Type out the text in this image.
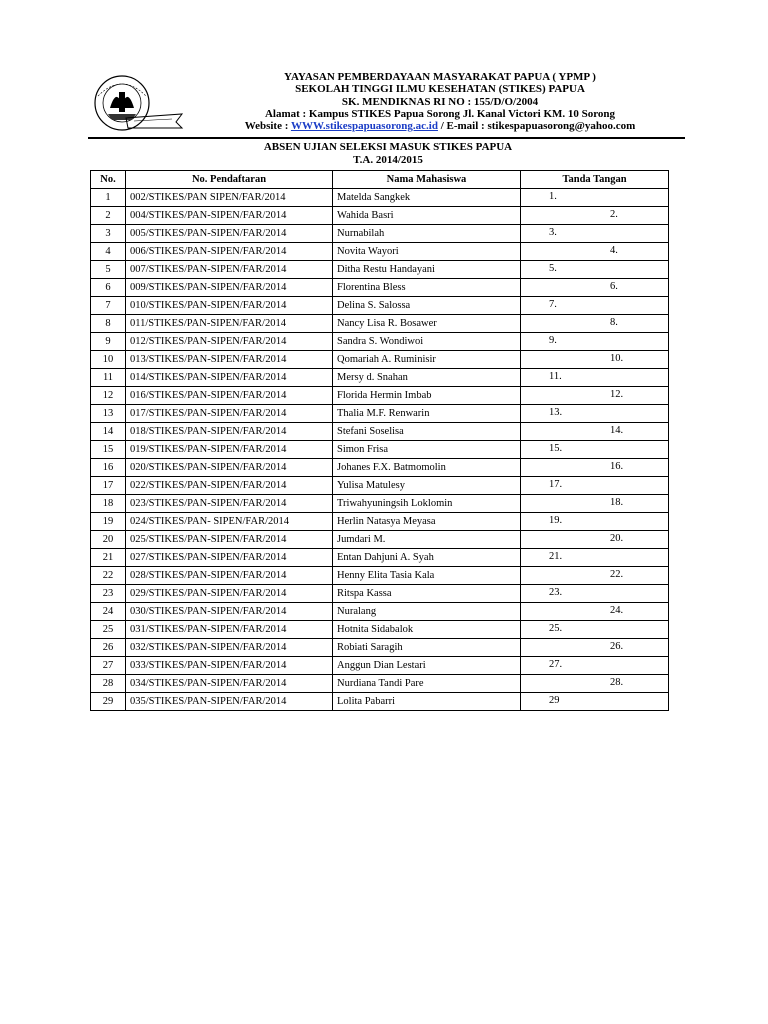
YAYASAN PEMBERDAYAAN MASYARAKAT PAPUA ( YPMP )
SEKOLAH TINGGI ILMU KESEHATAN (STIKES) PAPUA
SK. MENDIKNAS RI NO : 155/D/O/2004
Alamat : Kampus STIKES Papua Sorong Jl. Kanal Victori KM. 10 Sorong
Website : WWW.stikespapuasorong.ac.id / E-mail : stikespapuasorong@yahoo.com
ABSEN UJIAN SELEKSI MASUK STIKES PAPUA
T.A. 2014/2015
No.	No. Pendaftaran	Nama Mahasiswa	Tanda Tangan
1	002/STIKES/PAN SIPEN/FAR/2014	Matelda Sangkek	1.

2	004/STIKES/PAN-SIPEN/FAR/2014	Wahida Basri	2.

3	005/STIKES/PAN-SIPEN/FAR/2014	Nurnabilah	3.

4	006/STIKES/PAN-SIPEN/FAR/2014	Novita Wayori	4.

5	007/STIKES/PAN-SIPEN/FAR/2014	Ditha Restu Handayani	5.

6	009/STIKES/PAN-SIPEN/FAR/2014	Florentina Bless	6.

7	010/STIKES/PAN-SIPEN/FAR/2014	Delina S. Salossa	7.

8	011/STIKES/PAN-SIPEN/FAR/2014	Nancy Lisa R. Bosawer	8.

9	012/STIKES/PAN-SIPEN/FAR/2014	Sandra S. Wondiwoi	9.

10	013/STIKES/PAN-SIPEN/FAR/2014	Qomariah A. Ruminisir	10.

11	014/STIKES/PAN-SIPEN/FAR/2014	Mersy d. Snahan	11.

12	016/STIKES/PAN-SIPEN/FAR/2014	Florida Hermin Imbab	12.

13	017/STIKES/PAN-SIPEN/FAR/2014	Thalia M.F. Renwarin	13.

14	018/STIKES/PAN-SIPEN/FAR/2014	Stefani Soselisa	14.

15	019/STIKES/PAN-SIPEN/FAR/2014	Simon Frisa	15.

16	020/STIKES/PAN-SIPEN/FAR/2014	Johanes F.X. Batmomolin	16.

17	022/STIKES/PAN-SIPEN/FAR/2014	Yulisa Matulesy	17.

18	023/STIKES/PAN-SIPEN/FAR/2014	Triwahyuningsih Loklomin	18.

19	024/STIKES/PAN- SIPEN/FAR/2014	Herlin Natasya Meyasa	19.

20	025/STIKES/PAN-SIPEN/FAR/2014	Jumdari M.	20.

21	027/STIKES/PAN-SIPEN/FAR/2014	Entan Dahjuni A. Syah	21.

22	028/STIKES/PAN-SIPEN/FAR/2014	Henny Elita Tasia Kala	22.

23	029/STIKES/PAN-SIPEN/FAR/2014	Ritspa Kassa	23.

24	030/STIKES/PAN-SIPEN/FAR/2014	Nuralang	24.

25	031/STIKES/PAN-SIPEN/FAR/2014	Hotnita Sidabalok	25.

26	032/STIKES/PAN-SIPEN/FAR/2014	Robiati Saragih	26.

27	033/STIKES/PAN-SIPEN/FAR/2014	Anggun Dian Lestari	27.

28	034/STIKES/PAN-SIPEN/FAR/2014	Nurdiana Tandi Pare	28.

29	035/STIKES/PAN-SIPEN/FAR/2014	Lolita Pabarri	29
